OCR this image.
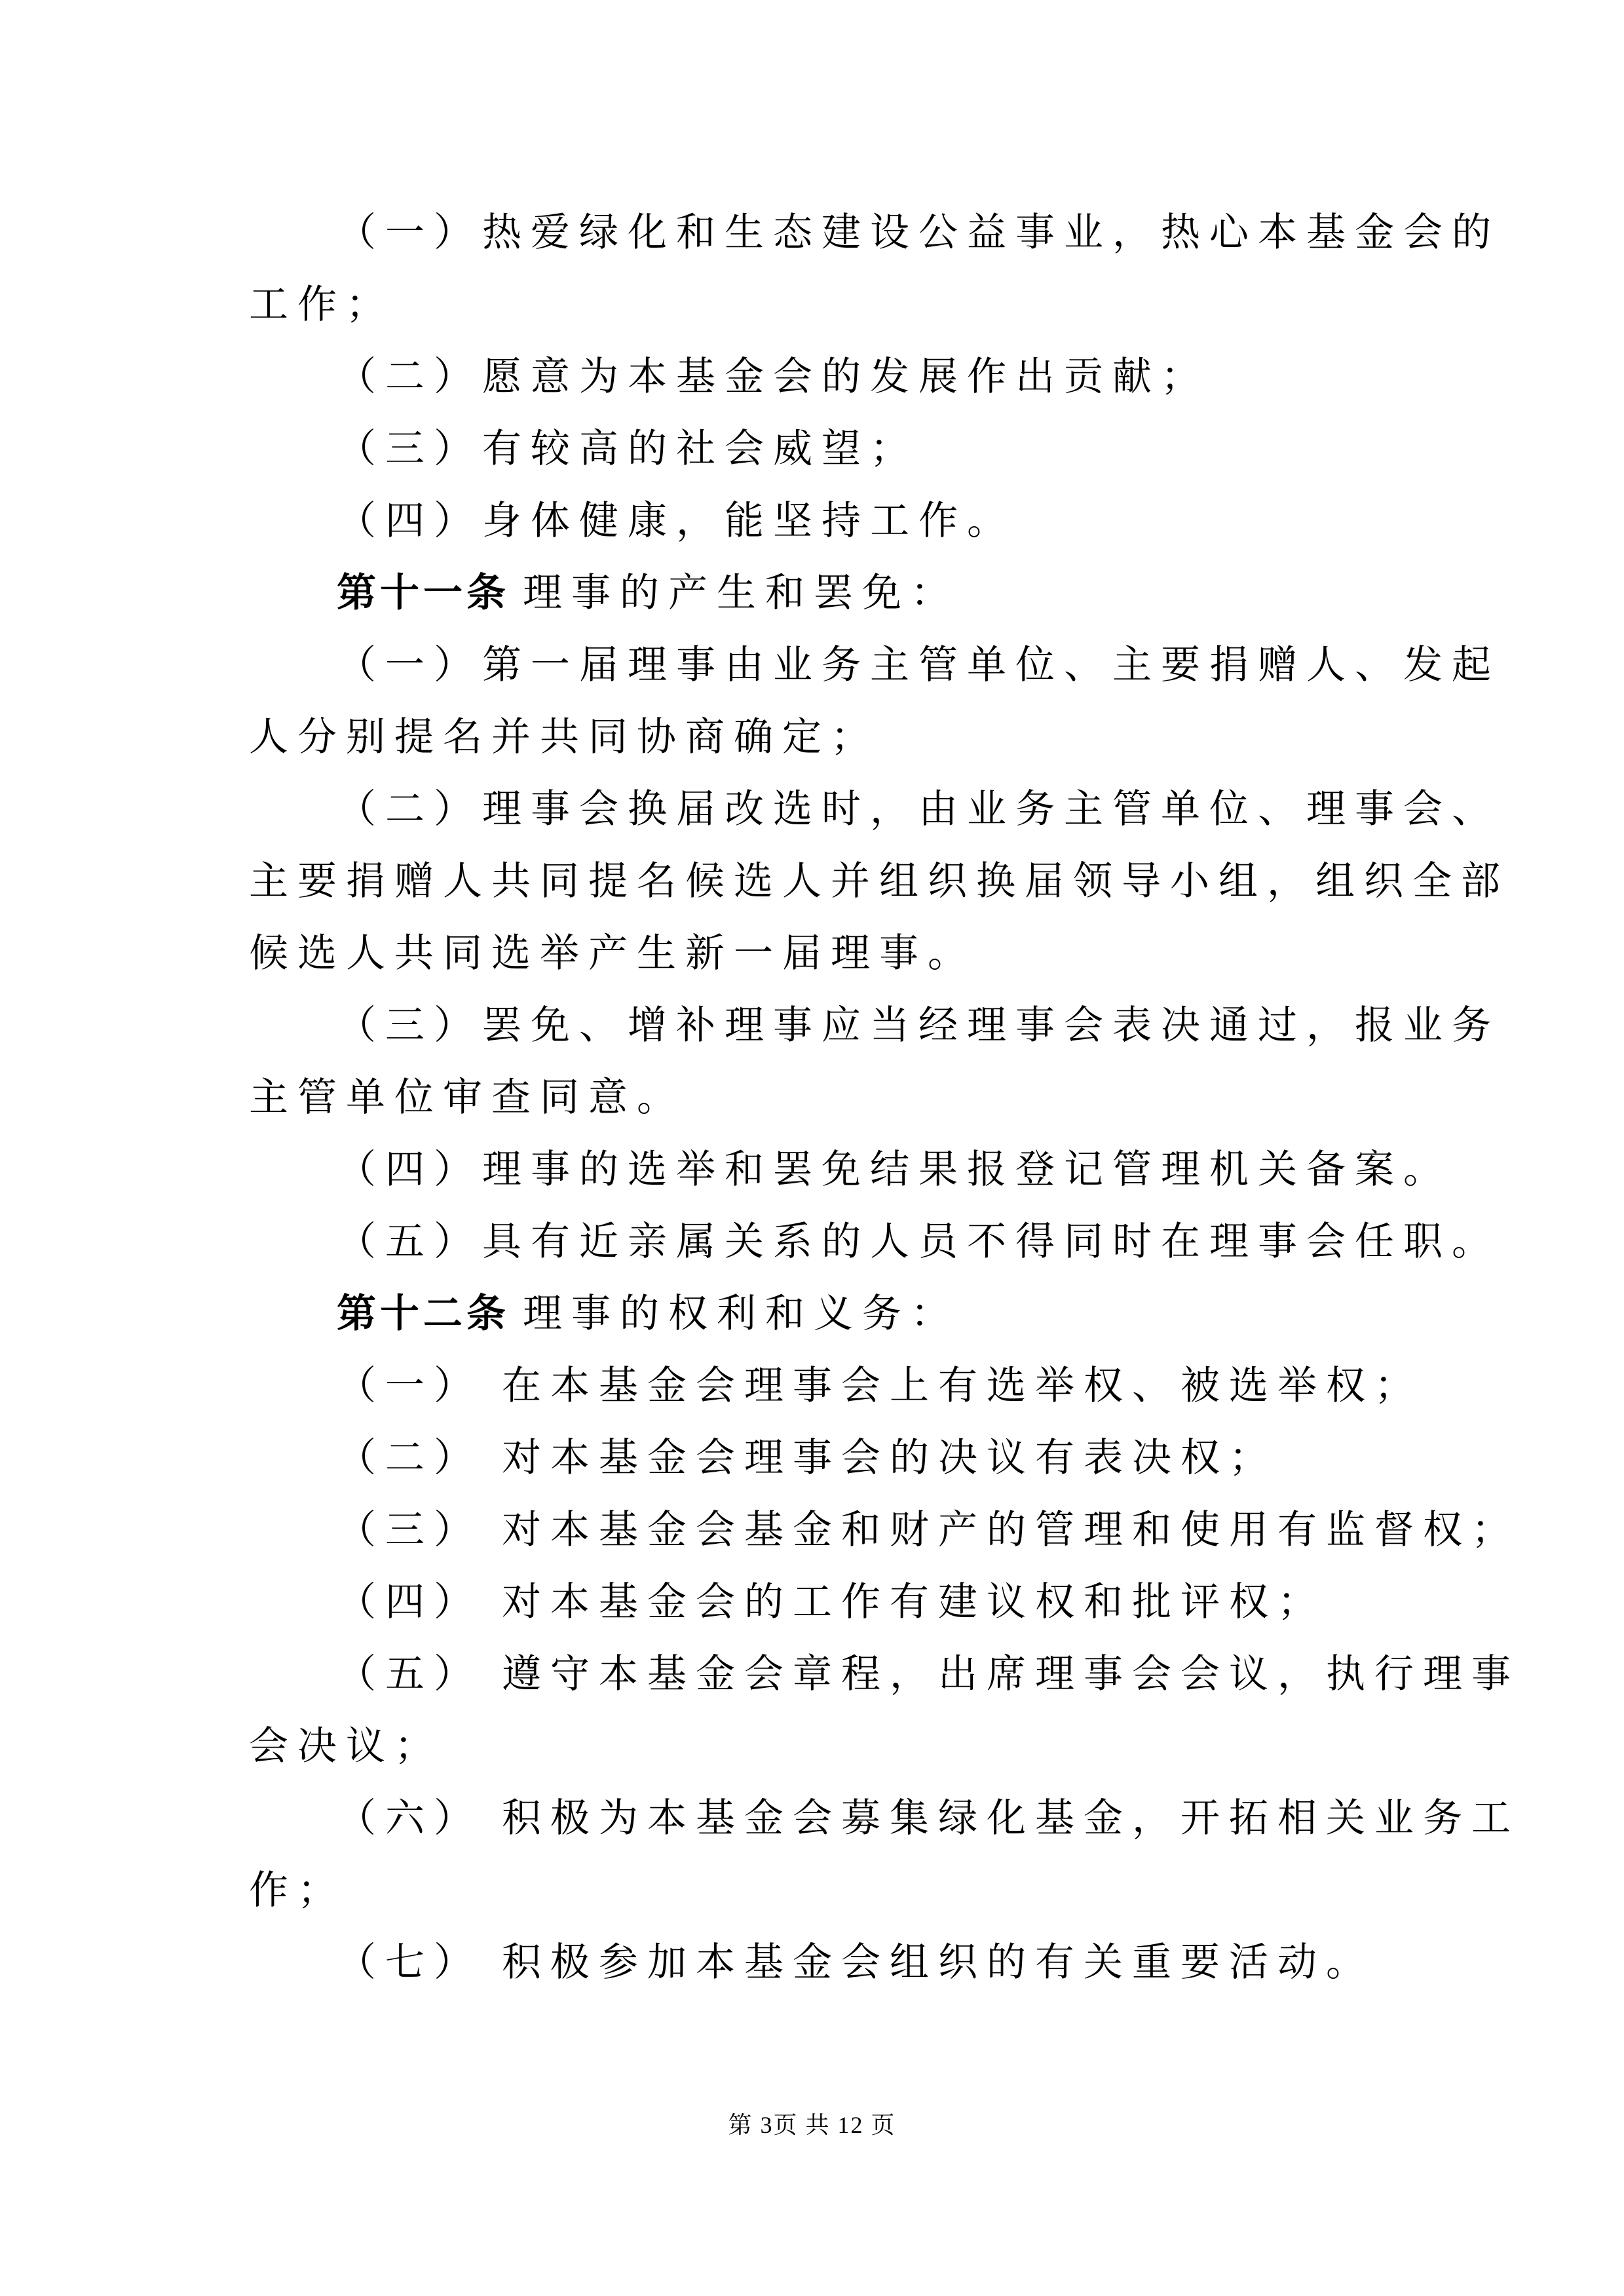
（一）热爱绿化和生态建设公益事业，热心本基金会的

工作；

（二）愿意为本基金会的发展作出贡献；

（三）有较高的社会威望；

（四）身体健康，能坚持工作。

第十一条 理事的产生和罢免：

（一）第一届理事由业务主管单位、主要捐赠人、发起

人分别提名并共同协商确定；

（二）理事会换届改选时，由业务主管单位、理事会、

主要捐赠人共同提名候选人并组织换届领导小组，组织全部

候选人共同选举产生新一届理事。

（三）罢免、增补理事应当经理事会表决通过，报业务

主管单位审查同意。

（四）理事的选举和罢免结果报登记管理机关备案。

（五）具有近亲属关系的人员不得同时在理事会任职。

第十二条 理事的权利和义务：

（一） 在本基金会理事会上有选举权、被选举权；

（二） 对本基金会理事会的决议有表决权；

（三） 对本基金会基金和财产的管理和使用有监督权；

（四） 对本基金会的工作有建议权和批评权；

（五） 遵守本基金会章程，出席理事会会议，执行理事

会决议；

（六） 积极为本基金会募集绿化基金，开拓相关业务工

作；

（七） 积极参加本基金会组织的有关重要活动。

第 3页 共 12 页
